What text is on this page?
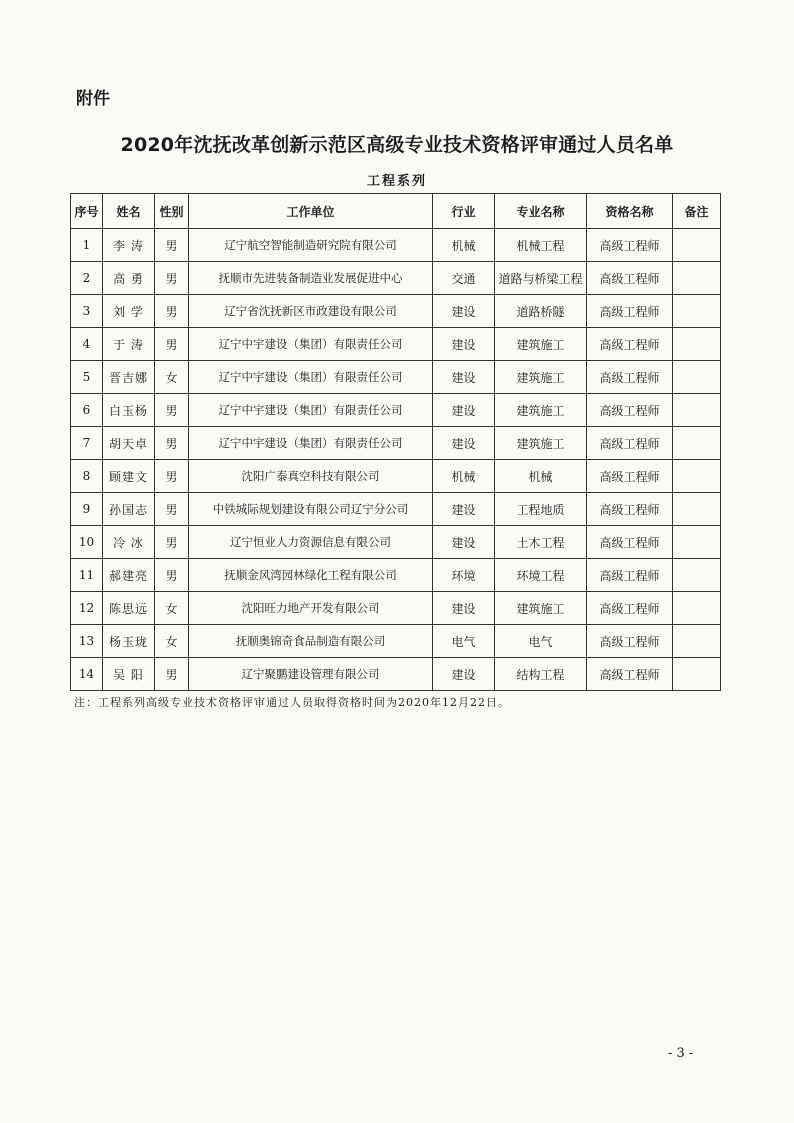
附件
2020年沈抚改革创新示范区高级专业技术资格评审通过人员名单
工程系列
序号	姓名	性别	工作单位	行业	专业名称	资格名称	备注
1	李 涛	男	辽宁航空智能制造研究院有限公司	机械	机械工程	高级工程师	
2	高 勇	男	抚顺市先进装备制造业发展促进中心	交通	道路与桥梁工程	高级工程师	
3	刘 学	男	辽宁省沈抚新区市政建设有限公司	建设	道路桥隧	高级工程师	
4	于 涛	男	辽宁中宇建设（集团）有限责任公司	建设	建筑施工	高级工程师	
5	晋吉娜	女	辽宁中宇建设（集团）有限责任公司	建设	建筑施工	高级工程师	
6	白玉杨	男	辽宁中宇建设（集团）有限责任公司	建设	建筑施工	高级工程师	
7	胡天卓	男	辽宁中宇建设（集团）有限责任公司	建设	建筑施工	高级工程师	
8	顾建文	男	沈阳广泰真空科技有限公司	机械	机械	高级工程师	
9	孙国志	男	中铁城际规划建设有限公司辽宁分公司	建设	工程地质	高级工程师	
10	冷 冰	男	辽宁恒业人力资源信息有限公司	建设	土木工程	高级工程师	
11	郝建亮	男	抚顺金风湾园林绿化工程有限公司	环境	环境工程	高级工程师	
12	陈思远	女	沈阳旺力地产开发有限公司	建设	建筑施工	高级工程师	
13	杨玉珑	女	抚顺奥锦奇食品制造有限公司	电气	电气	高级工程师	
14	吴 阳	男	辽宁聚鹏建设管理有限公司	建设	结构工程	高级工程师	
注：工程系列高级专业技术资格评审通过人员取得资格时间为2020年12月22日。
- 3 -
